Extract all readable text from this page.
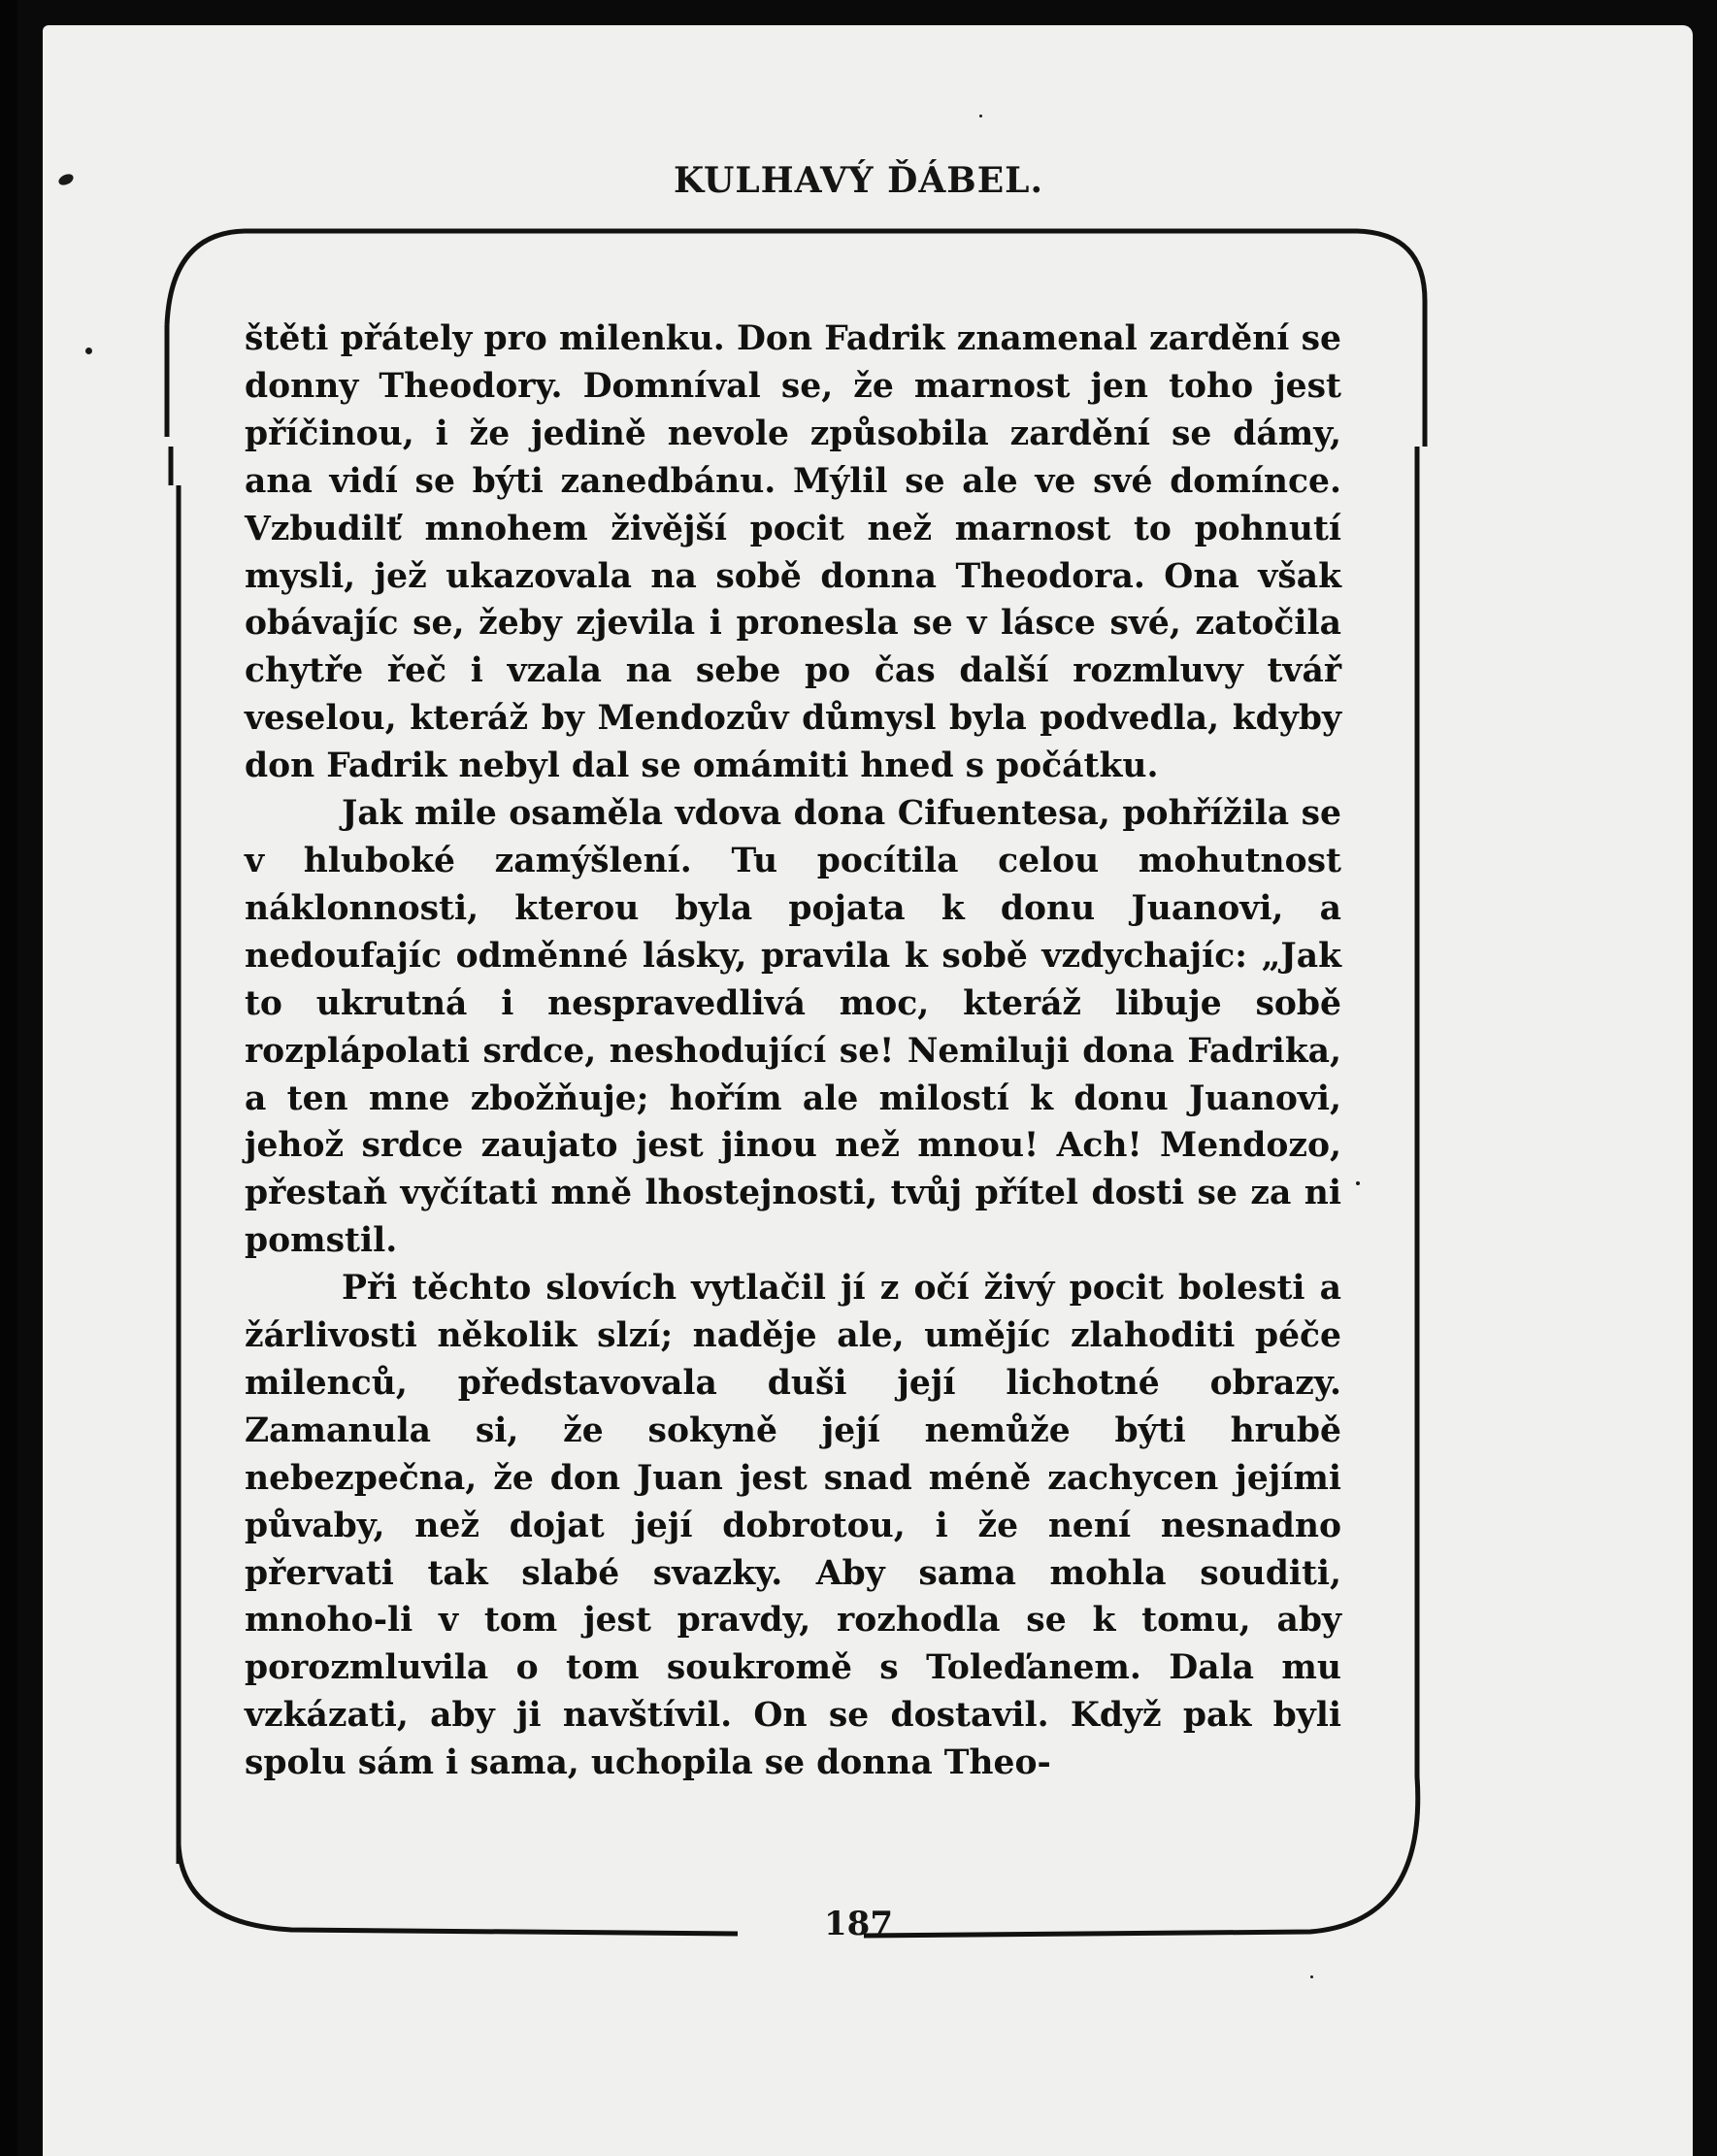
KULHAVÝ ĎÁBEL.

štěti přátely pro milenku. Don Fadrik znamenal zardění se donny Theodory. Domníval se, že marnost jen toho jest příčinou, i že jedině nevole způsobila zardění se dámy, ana vidí se býti zanedbánu. Mýlil se ale ve své domínce. Vzbudilť mnohem živější pocit než marnost to pohnutí mysli, jež ukazovala na sobě donna Theodora. Ona však obávajíc se, žeby zjevila i pronesla se v lásce své, zatočila chytře řeč i vzala na sebe po čas další rozmluvy tvář veselou, kteráž by Mendozův důmysl byla podvedla, kdyby don Fadrik nebyl dal se omámiti hned s počátku.

Jak mile osaměla vdova dona Cifuentesa, pohřížila se v hluboké zamýšlení. Tu pocítila celou mohutnost náklonnosti, kterou byla pojata k donu Juanovi, a nedoufajíc odměnné lásky, pravila k sobě vzdychajíc: „Jak to ukrutná i nespravedlivá moc, kteráž libuje sobě rozplápolati srdce, neshodující se! Nemiluji dona Fadrika, a ten mne zbožňuje; hořím ale milostí k donu Juanovi, jehož srdce zaujato jest jinou než mnou! Ach! Mendozo, přestaň vyčítati mně lhostejnosti, tvůj přítel dosti se za ni pomstil.

Při těchto slovích vytlačil jí z očí živý pocit bolesti a žárlivosti několik slzí; naděje ale, umějíc zlahoditi péče milenců, představovala duši její lichotné obrazy. Zamanula si, že sokyně její nemůže býti hrubě nebezpečna, že don Juan jest snad méně zachycen jejími půvaby, než dojat její dobrotou, i že není nesnadno přervati tak slabé svazky. Aby sama mohla souditi, mnoho-li v tom jest pravdy, rozhodla se k tomu, aby porozmluvila o tom soukromě s Toleďanem. Dala mu vzkázati, aby ji navštívil. On se dostavil. Když pak byli spolu sám i sama, uchopila se donna Theo-

187
